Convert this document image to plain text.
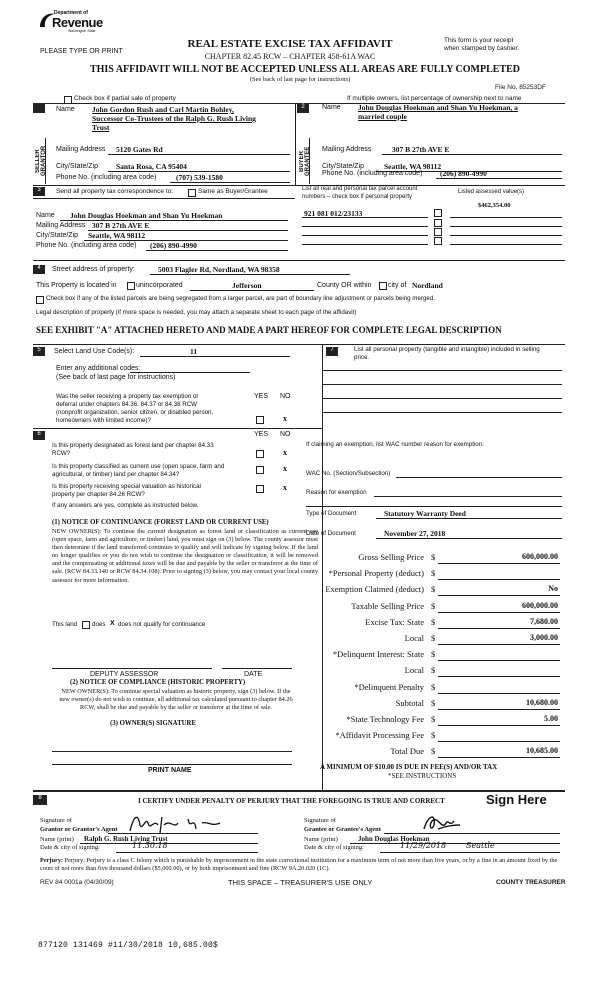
Department of
Revenue
Washington State
PLEASE TYPE OR PRINT
REAL ESTATE EXCISE TAX AFFIDAVIT
CHAPTER 82.45 RCW – CHAPTER 458-61A WAC
This form is your receipt
when stamped by cashier.
THIS AFFIDAVIT WILL NOT BE ACCEPTED UNLESS ALL AREAS ARE FULLY COMPLETED
(See back of last page for instructions)
File No. 85253DF
Check box if partial sale of property	If multiple owners, list percentage of ownership next to name
SELLER GRANTOR
Name John Gordon Rush and Carl Martin Bohley,
Successor Co-Trustees of the Ralph G. Rush Living
Trust
Mailing Address 5120 Gates Rd
City/State/Zip Santa Rosa, CA 95404
Phone No. (including area code)	(707) 539-1580
2
BUYER GRANTEE
Name John Douglas Hoekman and Shan Yu Hoekman, a
married couple
Mailing Address	307 B 27th AVE E
City/State/Zip	Seattle, WA 98112
Phone No. (including area code) (206) 890-4990
3	Send all property tax correspondence to:	Same as Buyer/Grantee	List all real and personal tax parcel account
numbers – check box if personal property
Listed assessed value(s)
$462,354.00
Name John Douglas Hoekman and Shan Yu Hoekman
Mailing Address 307 B 27th AVE E
City/State/Zip Seattle, WA 98112
Phone No. (including area code) (206) 890-4990
921 081 012/23133
4	Street address of property:	5003 Flagler Rd, Nordland, WA 98358
This Property is located in	unincorporated	Jefferson	County OR within city of Nordland
Check box if any of the listed parcels are being segregated from a larger parcel, are part of boundary line adjustment or parcels being merged.
Legal description of property (if more space is needed, you may attach a separate sheet to each page of the affidavit)
SEE EXHIBIT "A" ATTACHED HERETO AND MADE A PART HEREOF FOR COMPLETE LEGAL DESCRIPTION
5	Select Land Use Code(s):	11
Enter any additional codes:
(See back of last page for instructions)
YES NO
Was the seller receiving a property tax exemption or
deferral under chapters 84.36, 84.37 or 84.38 RCW
(nonprofit organization, senior citizen, or disabled person,
homeowners with limited income)?	x
6	YES NO
Is this property designated as forest land per chapter 84.33
RCW?	x
Is this property classified as current use (open space, farm and
agricultural, or timber) land per chapter 84.34?
x
Is this property receiving special valuation as historical
property per chapter 84.26 RCW?
x
If any answers are yes, complete as instructed below.
(1) NOTICE OF CONTINUANCE (FOREST LAND OR CURRENT USE)
NEW OWNER(S): To continue the current designation as forest land or classification as current use (open space, farm and agriculture, or timber) land, you must sign on (3) below. The county assessor must then determine if the land transferred continues to qualify and will indicate by signing below. If the land no longer qualifies or you do not wish to continue the designation or classification, it will be removed and the compensating or additional taxes will be due and payable by the seller or transferor at the time of sale. (RCW 84.33.140 or RCW 84.34.108). Prior to signing (3) below, you may contact your local county assessor for more information.
This land does X does not qualify for continuance
DEPUTY ASSESSOR	DATE
(2) NOTICE OF COMPLIANCE (HISTORIC PROPERTY)
NEW OWNER(S): To continue special valuation as historic property, sign (3) below. If the new owner(s) do not wish to continue, all additional tax calculated pursuant to chapter 84.26 RCW, shall be due and payable by the seller or transferor at the time of sale.
(3) OWNER(S) SIGNATURE
PRINT NAME
7	List all personal property (tangible and intangible) included in selling
price.
If claiming an exemption, list WAC number reason for exemption:
WAC No. (Section/Subsection)
Reason for exemption
Type of Document	Statutory Warranty Deed
Date of Document	November 27, 2018
Gross Selling Price $	600,000.00
*Personal Property (deduct) $
Exemption Claimed (deduct) $	No
Taxable Selling Price $	600,000.00
Excise Tax: State $	7,680.00
Local $	3,000.00
*Delinquent Interest: State $
Local $
*Delinquent Penalty $
Subtotal $	10,680.00
*State Technology Fee $	5.00
*Affidavit Processing Fee $
Total Due $	10,685.00
A MINIMUM OF $10.00 IS DUE IN FEE(S) AND/OR TAX
*SEE INSTRUCTIONS
8	I CERTIFY UNDER PENALTY OF PERJURY THAT THE FOREGOING IS TRUE AND CORRECT	Sign Here
Signature of
Grantor or Grantor's Agent
Name (print) Ralph G. Rush Living Trust
Date & city of signing:	11.30.18
Signature of
Grantee or Grantee's Agent
Name (print)	John Douglas Hoekman
Date & city of signing:	11/29/2018 Seattle
Perjury: Perjury: Perjury is a class C felony which is punishable by imprisonment in the state correctional institution for a maximum term of not more than five years, or by a fine in an amount fixed by the court of not more than five thousand dollars ($5,000.00), or by both imprisonment and fine (RCW 9A.20.020 (1C).
REV 84 0001a (04/30/09)	THIS SPACE – TREASURER'S USE ONLY	COUNTY TREASURER
877120 131469 #11/30/2018 10,685.00$
